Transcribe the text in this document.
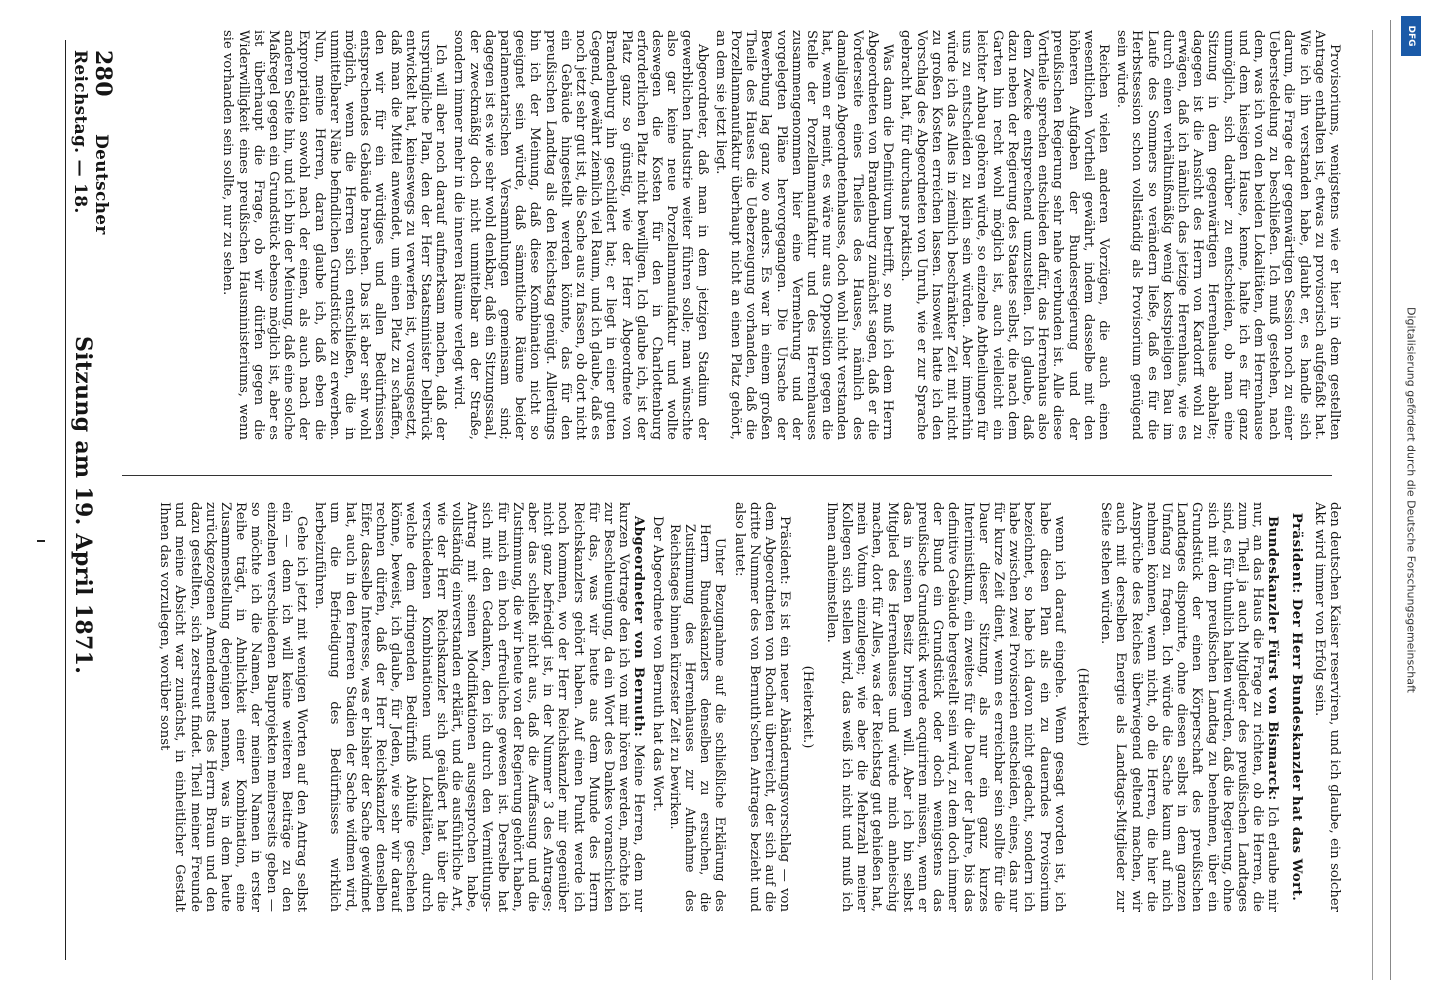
280      Deutscher Reichstag. — 18.
Sitzung am 19. April 1871.

Provisoriums, wenigstens wie er hier in dem gestellten Antrage enthalten ist, etwas zu provisorisch aufgefaßt hat. Wie ich ihn verstanden habe, glaubt er, es handle sich darum, die Frage der gegenwärtigen Session noch zu einer Ueberstedelung zu beschließen. Ich muß gestehen, nach dem, was ich von den beiden Lokalitäten, dem Herrenhause und dem hiesigen Hause, kenne, halte ich es für ganz unmöglich, sich darüber zu entscheiden, ob man eine Sitzung in dem gegenwärtigen Herrenhause abhalte; dagegen ist die Ansicht des Herrn von Kardorff wohl zu erwägen, daß ich nämlich das jetzige Herrenhaus, wie es durch einen verhältnißmäßig wenig kostspieligen Bau im Laufe des Sommers so verändern ließe, daß es für die Herbstsession schon vollständig als Provisorium genügend sein würde.

Reichen vielen anderen Vorzügen, die auch einen wesentlichen Vortheil gewährt, indem dasselbe mit den höheren Aufgaben der Bundesregierung und der preußischen Regierung sehr nahe verbunden ist. Alle diese Vortheile sprechen entschieden dafür, das Herrenhaus also dem Zwecke entsprechend umzustellen. Ich glaube, daß dazu neben der Regierung des Staates selbst, die nach dem Garten hin recht wohl möglich ist, auch vielleicht ein leichter Anbau gehören würde, so einzelne Abtheilungen für uns zu entscheiden zu klein sein würden. Aber immerhin würde ich das Alles in ziemlich beschränkter Zeit mit nicht zu großen Kosten erreichen lassen. Insoweit hatte ich den Vorschlag des Abgeordneten von Unruh, wie er zur Sprache gebracht hat, für durchaus praktisch.

Was dann die Definitivum betrifft, so muß ich dem Herrn Abgeordneten von Brandenburg zunächst sagen, daß er die Vorderseite eines Theiles des Hauses, nämlich des damaligen Abgeordnetenhauses, doch wohl nicht verstanden hat, wenn er meint, es wäre nur aus Opposition gegen die Stelle der Porzellanmanufaktur und des Herrenhauses zusammengenommen hier eine Vermehrung und der vorgelegten Pläne hervorgegangen. Die Ursache der Bewerbung lag ganz wo anders. Es war in einem großen Theile des Hauses die Ueberzeugung vorhanden, daß die Porzellanmanufaktur überhaupt nicht an einen Platz gehört, an dem sie jetzt liegt.

Abgeordneter, daß man in dem jetzigen Stadium der gewerblichen Industrie weiter führen solle; man wünschte also gar keine neue Porzellanmanufaktur und wollte deswegen die Kosten für den in Charlottenburg erforderlichen Platz nicht bewilligen. Ich glaube ich, ist der Platz ganz so günstig, wie der Herr Abgeordnete von Brandenburg ihn geschildert hat; er liegt in einer guten Gegend, gewährt ziemlich viel Raum, und ich glaube, daß es noch jetzt sehr gut ist, die Sache aus zu fassen, ob dort nicht ein Gebäude hingestellt werden könnte, das für den preußischen Landtag als den Reichstag genügt. Allerdings bin ich der Meinung, daß diese Kombination nicht so geeignet sein würde, daß sämmtliche Räume beider parlamentarischen Versammlungen gemeinsam sind; dagegen ist es wie sehr wohl denkbar, daß ein Sitzungssaal, der zweckmäßig doch nicht unmittelbar an der Straße, sondern immer mehr in die inneren Räume verlegt wird.

Ich will aber noch darauf aufmerksam machen, daß der ursprüngliche Plan, den der Herr Staatsminister Delbrück entwickelt hat, keineswegs zu verwerfen ist, vorausgesetzt, daß man die Mittel anwendet, um einen Platz zu schaffen, den wir für ein würdiges und allen Bedürfnissen entsprechendes Gebäude brauchen. Das ist aber sehr wohl möglich, wenn die Herren sich entschließen, die in unmittelbarer Nähe befindlichen Grundstücke zu erwerben. Nun, meine Herren, daran glaube ich, daß eben die Expropriation sowohl nach der einen, als auch nach der anderen Seite hin, und ich bin der Meinung, daß eine solche Maßregel gegen ein Grundstück ebenso möglich ist, aber es ist überhaupt die Frage, ob wir dürfen gegen die Widerwilligkeit eines preußischen Hausministeriums, wenn sie vorhanden sein sollte, nur zu sehen.

den deutschen Kaiser reserviren, und ich glaube, ein solcher Akt wird immer von Erfolg sein.

Präsident: Der Herr Bundeskanzler hat das Wort.

Bundeskanzler Fürst von Bismarck: Ich erlaube mir nur, an das Haus die Frage zu richten, ob die Herren, die zum Theil ja auch Mitglieder des preußischen Landtages sind, es für thunlich halten würden, daß die Regierung, ohne sich mit dem preußischen Landtag zu benehmen, über ein Grundstück der einen Körperschaft des preußischen Landtages disponirte, ohne diesen selbst in dem ganzen Umfang zu fragen. Ich würde die Sache kaum auf mich nehmen können, wenn nicht, ob die Herren, die hier die Ansprüche des Reiches überwiegend geltend machen, wir auch mit derselben Energie als Landtags-Mitglieder zur Seite stehen würden.

(Heiterkeit)

wenn ich darauf eingehe. Wenn gesagt worden ist, ich habe diesen Plan als ein zu dauerndes Provisorium bezeichnet, so habe ich davon nicht gedacht, sondern ich habe zwischen zwei Provisorien entscheiden, eines, das nur für kurze Zeit dient, wenn es erreichbar sein sollte für die Dauer dieser Sitzung, als nur ein ganz kurzes Interimistikum, ein zweites für die Dauer der Jahre, bis das definitive Gebäude hergestellt sein wird, zu dem doch immer der Bund ein Grundstück oder doch wenigstens das preußische Grundstück werde acquiriren müssen, wenn er das in seinen Besitz bringen will. Aber ich bin selbst Mitglied des Herrenhauses und würde mich anheischig machen, dort für Alles, was der Reichstag gut gehießen hat, mein Votum einzulegen; wie aber die Mehrzahl meiner Kollegen sich stellen wird, das weiß ich nicht und muß ich Ihnen anheimstellen.

(Heiterkeit.)

Präsident: Es ist ein neuer Abänderungsvorschlag — von dem Abgeordneten von Rochau überreicht, der sich auf die dritte Nummer des von Bernuth'schen Antrages bezieht und also lautet:

Unter Bezugnahme auf die schließliche Erklärung des Herrn Bundeskanzlers denselben zu ersuchen, die Zustimmung des Herrenhauses zur Aufnahme des Reichstages binnen kürzester Zeit zu bewirken.

Der Abgeordnete von Bernuth hat das Wort.

Abgeordneter von Bernuth: Meine Herren, dem nur kurzen Vortrage den ich von mir hören werden, möchte ich zur Beschleunigung, da ein Wort des Dankes voranschicken für das, was wir heute aus dem Munde des Herrn Reichskanzlers gehört haben. Auf einen Punkt werde ich noch kommen, wo der Herr Reichskanzler mir gegenüber nicht ganz befriedigt ist, in der Nummer 3 des Antrages; aber das schließt nicht aus, daß die Auffassung und die Zustimmung, die wir heute von der Regierung gehört haben, für mich ein hoch erfreuliches gewesen ist. Derselbe hat sich mit den Gedanken, den ich durch den Vermittlungs-Antrag mit seinen Modifikationen ausgesprochen habe, vollständig einverstanden erklärt, und die ausführliche Art, wie der Herr Reichskanzler sich geäußert hat über die verschiedenen Kombinationen und Lokalitäten, durch welche dem dringenden Bedürfniß Abhülfe geschehen könne, beweist, ich glaube, für Jeden, wie sehr wir darauf rechnen dürfen, daß der Herr Reichskanzler denselben Eifer, dasselbe Interesse, was er bisher der Sache gewidmet hat, auch in den ferneren Stadien der Sache widmen wird, um die Befriedigung des Bedürfnisses wirklich herbeizuführen.

Gehe ich jetzt mit wenigen Worten auf den Antrag selbst ein — denn ich will keine weiteren Beiträge zu den einzelnen verschiedenen Bauprojekten meinerseits geben — so möchte ich die Namen, der meinen Namen in erster Reihe trägt, in Ahnlichkeit einer Kombination, eine Zusammenstellung derjenigen nennen, was in dem heute zurückgezogenen Amendements des Herrn Braun und den dazu gestellten, sich zerstreut findet. Theil meiner Freunde und meine Absicht war zunächst, in einheitlicher Gestalt Ihnen das vorzulegen, worüber sonst	Digitalisierung gefördert durch die Deutsche Forschungsgemeinschaft
DFG
